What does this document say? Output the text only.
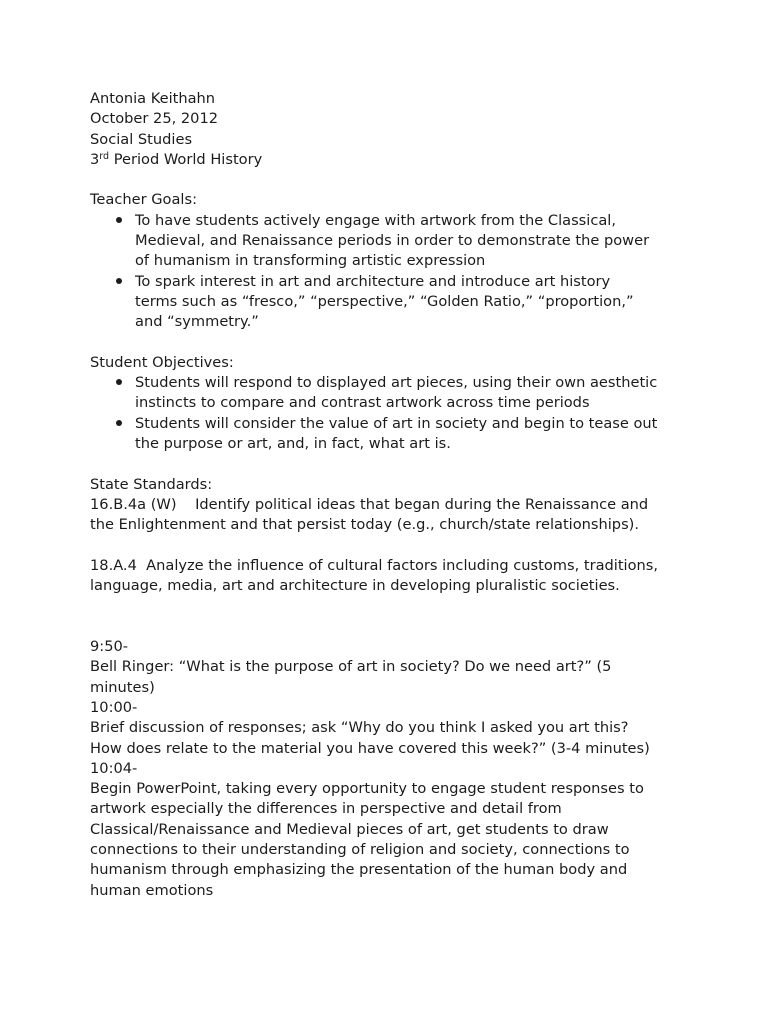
Antonia Keithahn
October 25, 2012
Social Studies
3rd Period World History
Teacher Goals:
To have students actively engage with artwork from the Classical,
Medieval, and Renaissance periods in order to demonstrate the power
of humanism in transforming artistic expression
To spark interest in art and architecture and introduce art history
terms such as “fresco,” “perspective,” “Golden Ratio,” “proportion,”
and “symmetry.”
Student Objectives:
Students will respond to displayed art pieces, using their own aesthetic
instincts to compare and contrast artwork across time periods
Students will consider the value of art in society and begin to tease out
the purpose or art, and, in fact, what art is.
State Standards:
16.B.4a (W)    Identify political ideas that began during the Renaissance and
the Enlightenment and that persist today (e.g., church/state relationships).
18.A.4  Analyze the influence of cultural factors including customs, traditions,
language, media, art and architecture in developing pluralistic societies.
9:50-
Bell Ringer: “What is the purpose of art in society? Do we need art?” (5
minutes)
10:00-
Brief discussion of responses; ask “Why do you think I asked you art this?
How does relate to the material you have covered this week?” (3-4 minutes)
10:04-
Begin PowerPoint, taking every opportunity to engage student responses to
artwork especially the differences in perspective and detail from
Classical/Renaissance and Medieval pieces of art, get students to draw
connections to their understanding of religion and society, connections to
humanism through emphasizing the presentation of the human body and
human emotions
